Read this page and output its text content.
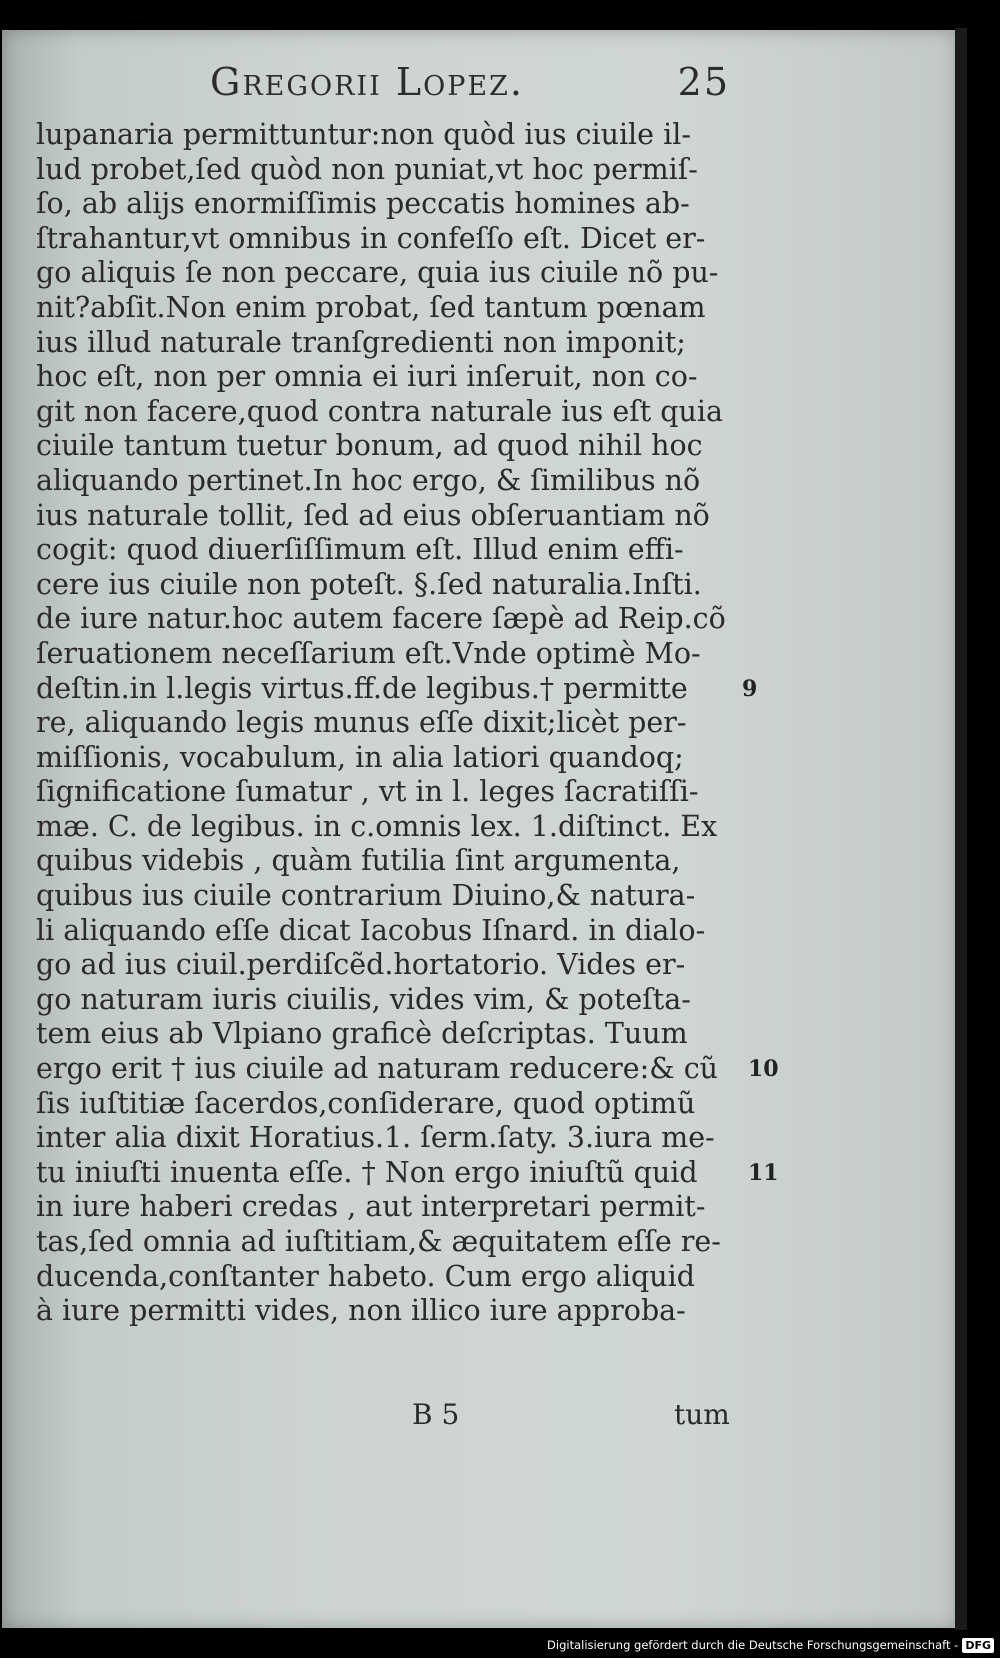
Gregorii Lopez.	25
lupanaria permittuntur:non quòd ius ciuile il-
lud probet,ſed quòd non puniat,vt hoc permiſ-
ſo, ab alijs enormiſſimis peccatis homines ab-
ſtrahantur,vt omnibus in confeſſo eſt. Dicet er-
go aliquis ſe non peccare, quia ius ciuile nõ pu-
nit?abſit.Non enim probat, ſed tantum pœnam
ius illud naturale tranſgredienti non imponit;
hoc eſt, non per omnia ei iuri inſeruit, non co-
git non facere,quod contra naturale ius eſt quia
ciuile tantum tuetur bonum, ad quod nihil hoc
aliquando pertinet.In hoc ergo, & ſimilibus nõ
ius naturale tollit, ſed ad eius obſeruantiam nõ
cogit: quod diuerſiſſimum eſt. Illud enim effi-
cere ius ciuile non poteſt. §.ſed naturalia.Inſti.
de iure natur.hoc autem facere ſæpè ad Reip.cõ
ſeruationem neceſſarium eſt.Vnde optimè Mo-
deſtin.in l.legis virtus.ff.de legibus.† permitte
re, aliquando legis munus eſſe dixit;licèt per-
miſſionis, vocabulum, in alia latiori quandoq;
ſignificatione ſumatur , vt in l. leges ſacratiſſi-
mæ. C. de legibus. in c.omnis lex. 1.diſtinct. Ex
quibus videbis , quàm futilia ſint argumenta,
quibus ius ciuile contrarium Diuino,& natura-
li aliquando eſſe dicat Iacobus Iſnard. in dialo-
go ad ius ciuil.perdiſcẽd.hortatorio. Vides er-
go naturam iuris ciuilis, vides vim, & poteſta-
tem eius ab Vlpiano graficè deſcriptas. Tuum
ergo erit † ius ciuile ad naturam reducere:& cũ
ſis iuſtitiæ ſacerdos,conſiderare, quod optimũ
inter alia dixit Horatius.1. ſerm.ſaty. 3.iura me-
tu iniuſti inuenta eſſe. † Non ergo iniuſtũ quid
in iure haberi credas , aut interpretari permit-
tas,ſed omnia ad iuſtitiam,& æquitatem eſſe re-
ducenda,conſtanter habeto. Cum ergo aliquid
à iure permitti vides, non illico iure approba-
B 5	tum
Digitalisierung gefördert durch die Deutsche Forschungsgemeinschaft - DFG
9
10
11
